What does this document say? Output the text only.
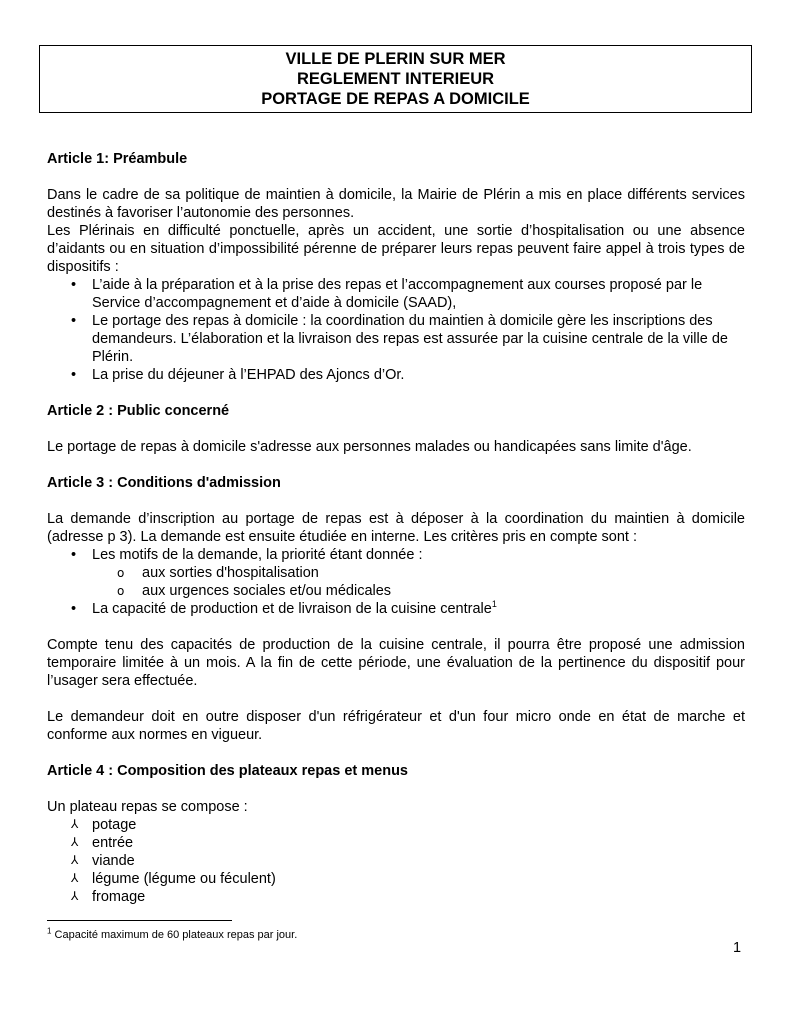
VILLE DE PLERIN SUR MER
REGLEMENT INTERIEUR
PORTAGE DE REPAS A DOMICILE

Article 1: Préambule

Dans le cadre de sa politique de maintien à domicile, la Mairie de Plérin a mis en place différents services destinés à favoriser l’autonomie des personnes.

Les Plérinais en difficulté ponctuelle, après un accident, une sortie d’hospitalisation ou une absence d’aidants ou en situation d’impossibilité pérenne de préparer leurs repas peuvent faire appel à trois types de dispositifs :

• L’aide à la préparation et à la prise des repas et l’accompagnement aux courses proposé par le Service d’accompagnement et d’aide à domicile (SAAD),
• Le portage des repas à domicile : la coordination du maintien à domicile gère les inscriptions des demandeurs. L’élaboration et la livraison des repas est assurée par la cuisine centrale de la ville de Plérin.
• La prise du déjeuner à l’EHPAD des Ajoncs d’Or.

Article 2 : Public concerné

Le portage de repas à domicile s'adresse aux personnes malades ou handicapées sans limite d'âge.

Article 3 : Conditions d'admission

La demande d’inscription au portage de repas est à déposer à la coordination du maintien à domicile (adresse p 3). La demande est ensuite étudiée en interne. Les critères pris en compte sont :

• Les motifs de la demande, la priorité étant donnée :
o aux sorties d'hospitalisation
o aux urgences sociales et/ou médicales
• La capacité de production et de livraison de la cuisine centrale$^1$

Compte tenu des capacités de production de la cuisine centrale, il pourra être proposé une admission temporaire limitée à un mois. A la fin de cette période, une évaluation de la pertinence du dispositif pour l’usager sera effectuée.

Le demandeur doit en outre disposer d'un réfrigérateur et d'un four micro onde en état de marche et conforme aux normes en vigueur.

Article 4 : Composition des plateaux repas et menus

Un plateau repas se compose :

⅄ potage
⅄ entrée
⅄ viande
⅄ légume (légume ou féculent)
⅄ fromage
$^1$ Capacité maximum de 60 plateaux repas par jour.
1
